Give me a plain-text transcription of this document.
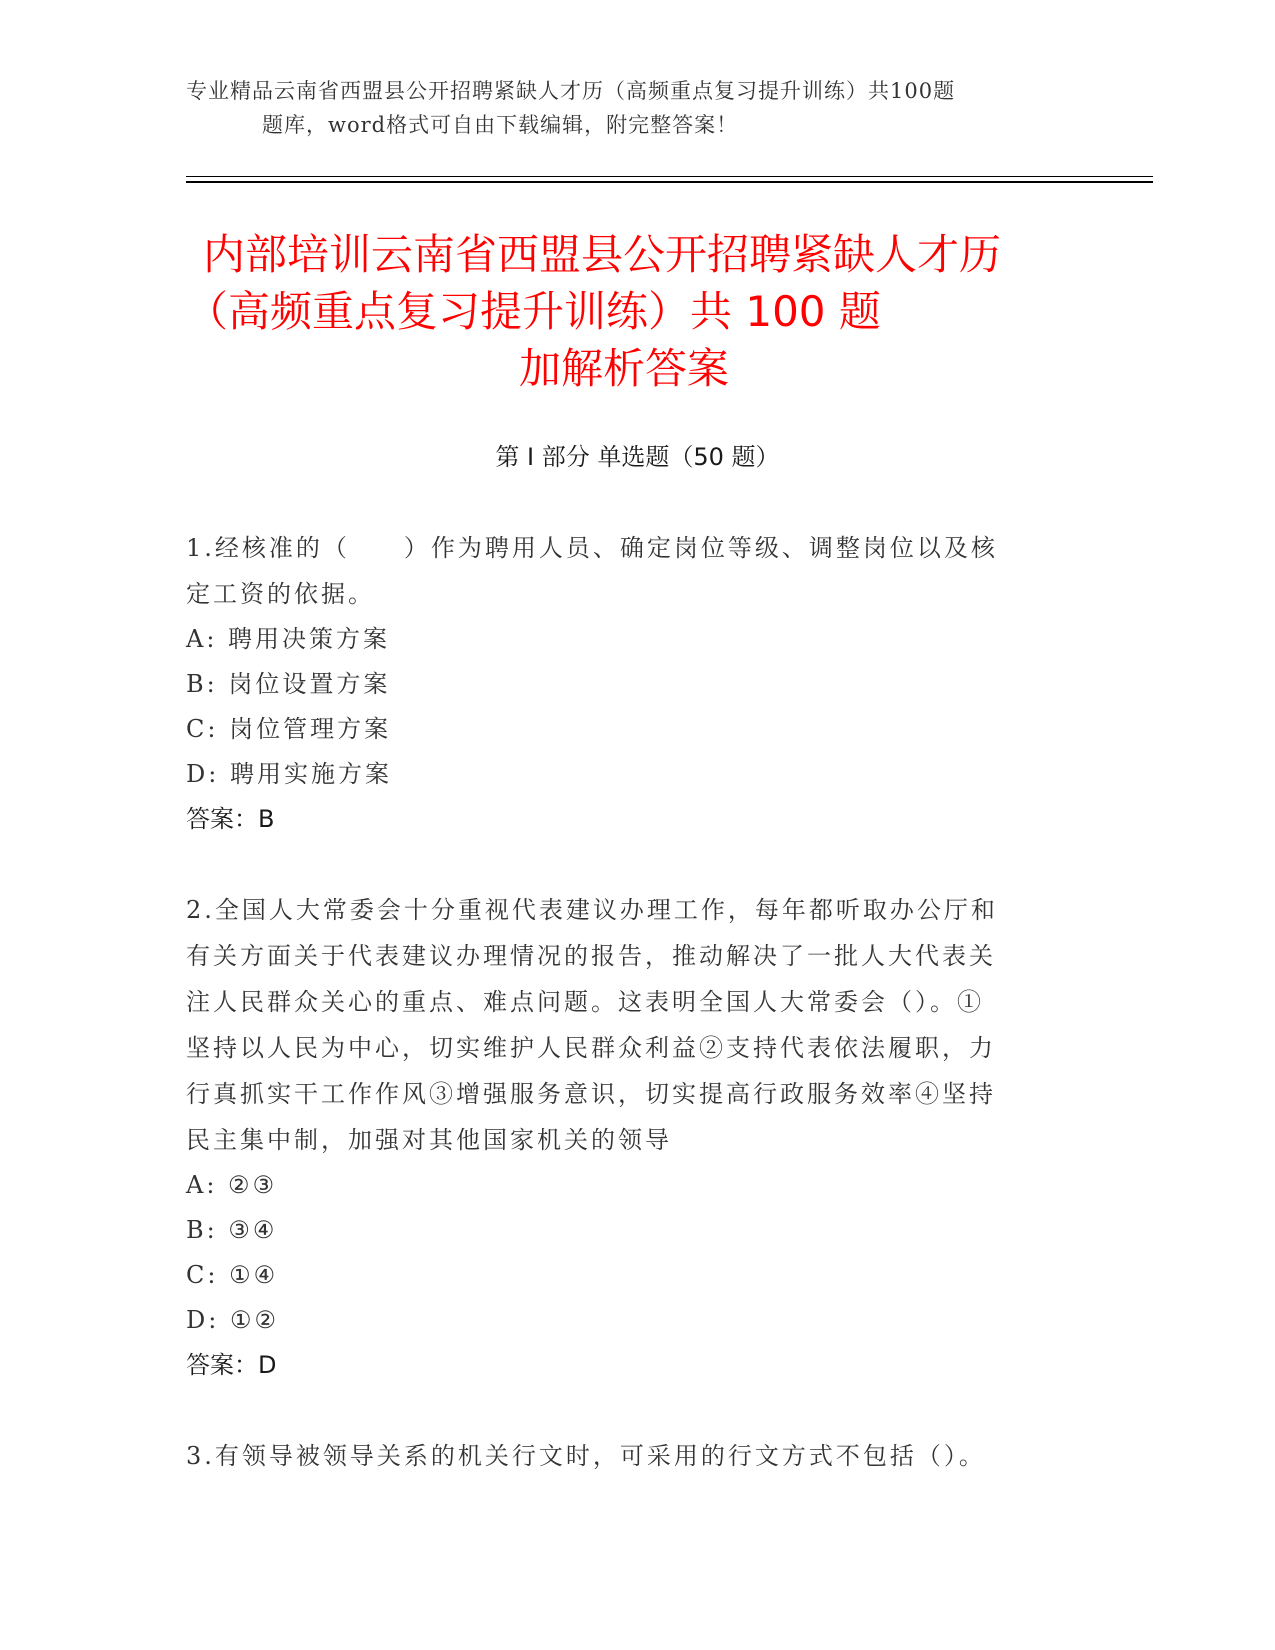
专业精品云南省西盟县公开招聘紧缺人才历（高频重点复习提升训练）共100题
题库，word格式可自由下载编辑，附完整答案！
内部培训云南省西盟县公开招聘紧缺人才历
（高频重点复习提升训练）共 100 题
加解析答案
第 I 部分 单选题（50 题）

1.经核准的（　　）作为聘用人员、确定岗位等级、调整岗位以及核

定工资的依据。

A: 聘用决策方案

B: 岗位设置方案

C: 岗位管理方案

D: 聘用实施方案

答案：B

2.全国人大常委会十分重视代表建议办理工作，每年都听取办公厅和

有关方面关于代表建议办理情况的报告，推动解决了一批人大代表关

注人民群众关心的重点、难点问题。这表明全国人大常委会（）。①

坚持以人民为中心，切实维护人民群众利益②支持代表依法履职，力

行真抓实干工作作风③增强服务意识，切实提高行政服务效率④坚持

民主集中制，加强对其他国家机关的领导

A: ②③

B: ③④

C: ①④

D: ①②

答案：D

3.有领导被领导关系的机关行文时，可采用的行文方式不包括（）。
